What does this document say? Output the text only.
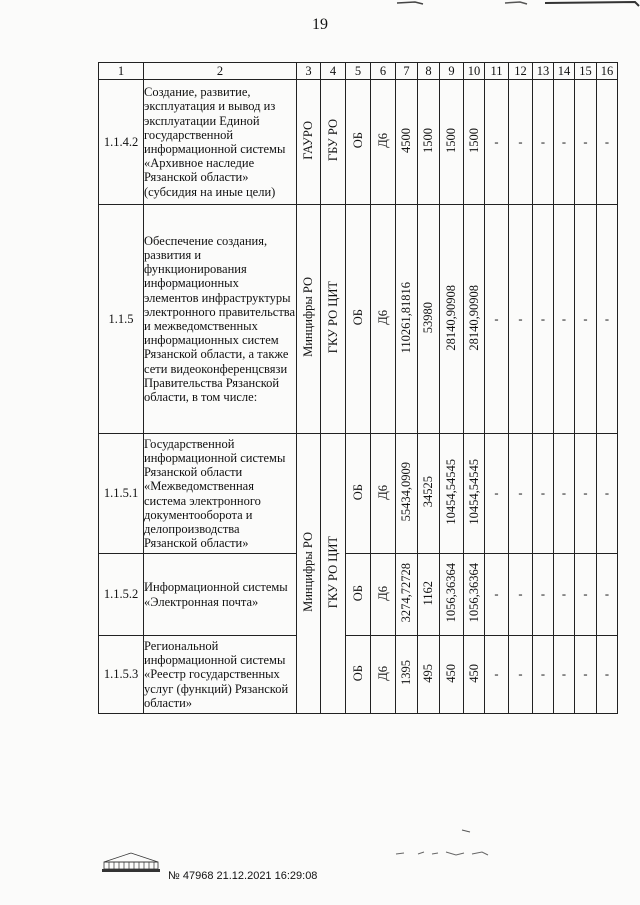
19
1	2	3	4	5	6	7	8	9	10	11	12	13	14	15	16
1.1.4.2	Создание, развитие, эксплуатация и вывод из эксплуатации Единой государственной информационной системы «Архивное наследие Рязанской области» (субсидия на иные цели)	ГАУРО	ГБУ РО	ОБ	Д6	4500	1500	1500	1500	-	-	-	-	-	-
1.1.5	Обеспечение создания, развития и функционирования информационных элементов инфраструктуры электронного правительства и межведомственных информационных систем Рязанской области, а также сети видеоконференцсвязи Правительства Рязанской области, в том числе:	Минцифры РО	ГКУ РО ЦИТ	ОБ	Д6	110261,81816	53980	28140,90908	28140,90908	-	-	-	-	-	-
1.1.5.1	Государственной информационной системы Рязанской области «Межведомственная система электронного документооборота и делопроизводства Рязанской области»	Минцифры РО	ГКУ РО ЦИТ	ОБ	Д6	55434,0909	34525	10454,54545	10454,54545	-	-	-	-	-	-
1.1.5.2	Информационной системы «Электронная почта»			ОБ	Д6	3274,72728	1162	1056,36364	1056,36364	-	-	-	-	-	-
1.1.5.3	Региональной информационной системы «Реестр государственных услуг (функций) Рязанской области»			ОБ	Д6	1395	495	450	450	-	-	-	-	-	-
№ 47968 21.12.2021 16:29:08
